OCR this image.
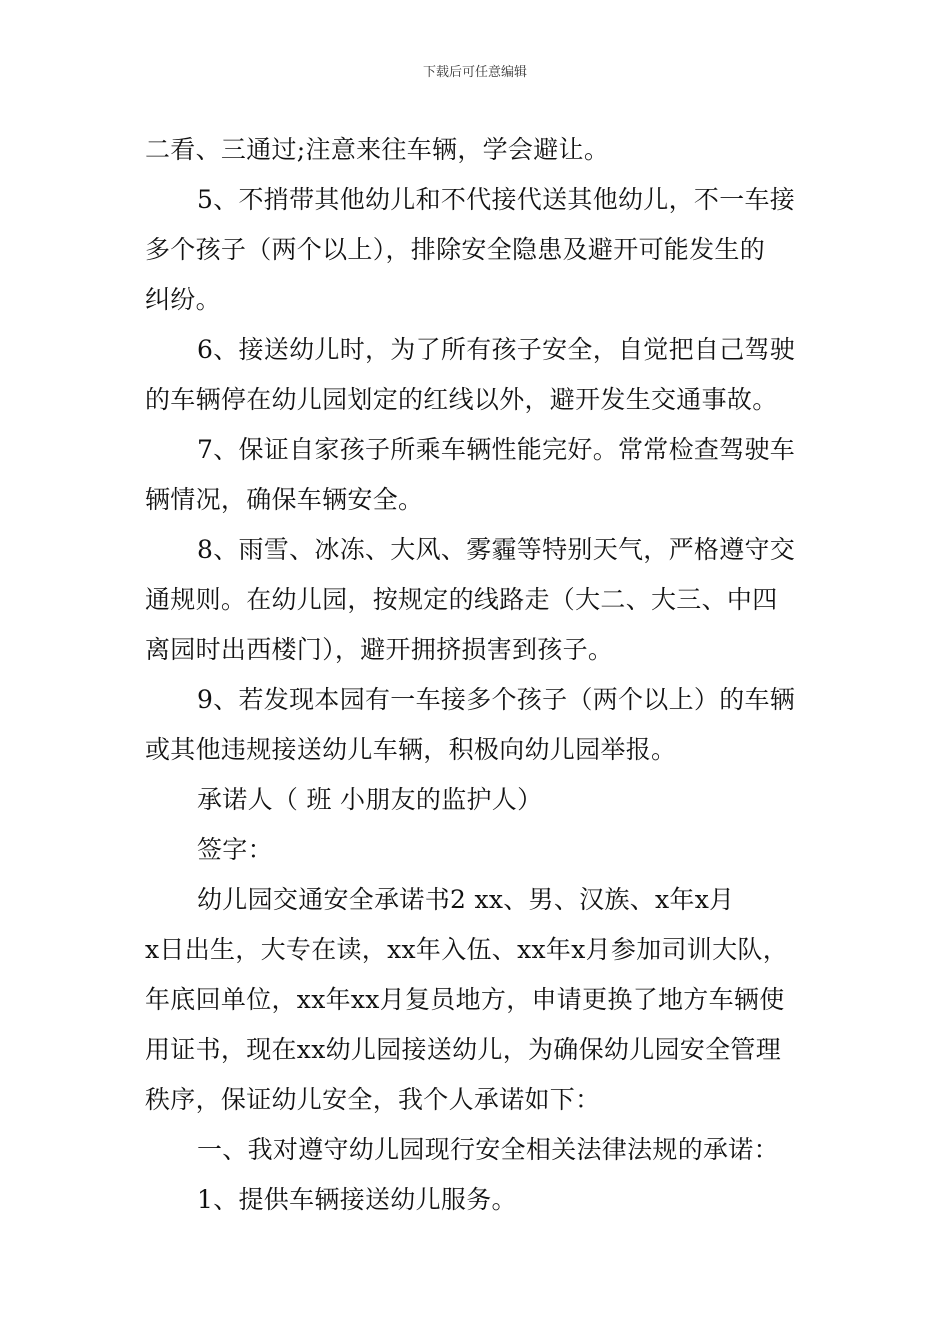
下载后可任意编辑
二看、三通过;注意来往车辆，学会避让。
5、不捎带其他幼儿和不代接代送其他幼儿，不一车接
多个孩子（两个以上），排除安全隐患及避开可能发生的
纠纷。
6、接送幼儿时，为了所有孩子安全，自觉把自己驾驶
的车辆停在幼儿园划定的红线以外，避开发生交通事故。
7、保证自家孩子所乘车辆性能完好。常常检查驾驶车
辆情况，确保车辆安全。
8、雨雪、冰冻、大风、雾霾等特别天气，严格遵守交
通规则。在幼儿园，按规定的线路走（大二、大三、中四
离园时出西楼门），避开拥挤损害到孩子。
9、若发现本园有一车接多个孩子（两个以上）的车辆
或其他违规接送幼儿车辆，积极向幼儿园举报。
承诺人（ 班 小朋友的监护人）
签字：
幼儿园交通安全承诺书2 xx、男、汉族、x年x月
x日出生，大专在读，xx年入伍、xx年x月参加司训大队，
年底回单位，xx年xx月复员地方，申请更换了地方车辆使
用证书，现在xx幼儿园接送幼儿，为确保幼儿园安全管理
秩序，保证幼儿安全，我个人承诺如下：
一、我对遵守幼儿园现行安全相关法律法规的承诺：
1、提供车辆接送幼儿服务。
